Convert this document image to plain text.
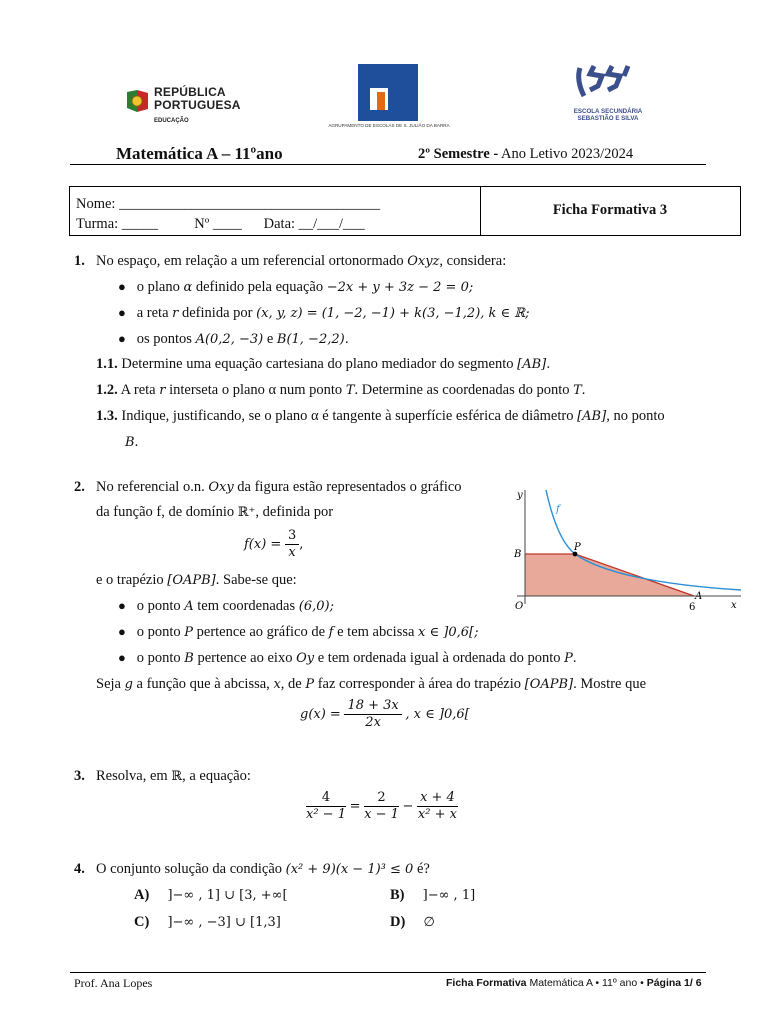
REPÚBLICA
PORTUGUESA
EDUCAÇÃO
AGRUPAMENTO DE ESCOLAS DE S. JULIÃO DA BARRA
ESCOLA SECUNDÁRIA
SEBASTIÃO E SILVA
Matemática A – 11ºano	2º Semestre - Ano Letivo 2023/2024
Nome: ____________________________________
Turma: _____	Nº ____ Data: __/___/___
Ficha Formativa 3
1. No espaço, em relação a um referencial ortonormado Oxyz, considera:
● o plano α definido pela equação −2x + y + 3z − 2 = 0;
● a reta r definida por (x, y, z) = (1, −2, −1) + k(3, −1,2), k ∈ ℝ;
● os pontos A(0,2, −3) e B(1, −2,2).
1.1. Determine uma equação cartesiana do plano mediador do segmento [AB].
1.2. A reta r interseta o plano α num ponto T. Determine as coordenadas do ponto T.
1.3. Indique, justificando, se o plano α é tangente à superfície esférica de diâmetro [AB], no ponto
B.
2. No referencial o.n. Oxy da figura estão representados o gráfico
da função f, de domínio ℝ⁺, definida por
$f(x) = \frac{3}{x}$ ,
e o trapézio [OAPB]. Sabe-se que:
● o ponto A tem coordenadas (6,0);
● o ponto P pertence ao gráfico de f e tem abcissa x ∈ ]0,6[;
● o ponto B pertence ao eixo Oy e tem ordenada igual à ordenada do ponto P.
Seja g a função que à abcissa, x, de P faz corresponder à área do trapézio [OAPB]. Mostre que
$g(x) = \frac{18 + 3x}{2x}$ , x ∈ ]0,6[
y
x
f
B
P
O
A
6
3. Resolva, em ℝ, a equação:
$\frac{4}{\text{x² − 1}} = \frac{2}{x - 1} - \frac{x + 4}{\text{x² + x}}$
4. O conjunto solução da condição (x² + 9)(x − 1)³ ≤ 0 é?
A) ]−∞ , 1] ∪ [3, +∞[	B) ]−∞ , 1]
C) ]−∞ , −3] ∪ [1,3]	D) ∅
Prof. Ana Lopes	Ficha Formativa Matemática A • 11º ano • Página 1/ 6
